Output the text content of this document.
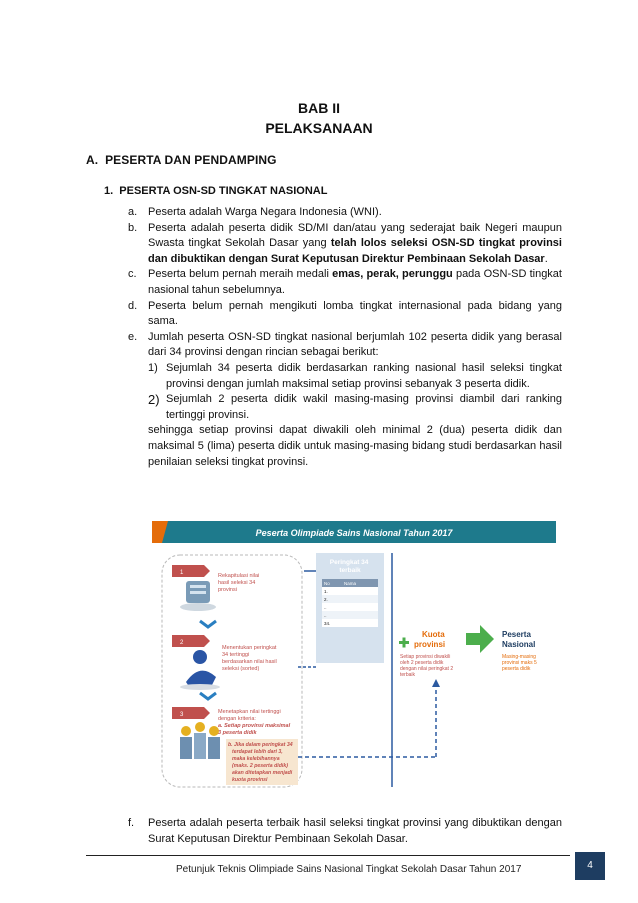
BAB II
PELAKSANAAN
A.  PESERTA DAN PENDAMPING
1.  PESERTA OSN-SD TINGKAT NASIONAL
a. Peserta adalah Warga Negara Indonesia (WNI).
b. Peserta adalah peserta didik SD/MI dan/atau yang sederajat baik Negeri maupun Swasta tingkat Sekolah Dasar yang telah lolos seleksi OSN-SD tingkat provinsi dan dibuktikan dengan Surat Keputusan Direktur Pembinaan Sekolah Dasar.
c.	Peserta belum pernah meraih medali emas, perak, perunggu pada OSN-SD tingkat nasional tahun sebelumnya.
d. Peserta belum pernah mengikuti lomba tingkat internasional pada bidang yang sama.
e. Jumlah peserta OSN-SD tingkat nasional berjumlah 102 peserta didik yang berasal dari 34 provinsi dengan rincian sebagai berikut:
1) Sejumlah 34 peserta didik berdasarkan ranking nasional hasil seleksi tingkat provinsi dengan jumlah maksimal setiap provinsi sebanyak 3 peserta didik.
2) Sejumlah 2 peserta didik wakil masing-masing provinsi diambil dari ranking tertinggi provinsi.
sehingga setiap provinsi dapat diwakili oleh minimal 2 (dua) peserta didik dan maksimal 5 (lima) peserta didik untuk masing-masing bidang studi berdasarkan hasil penilaian seleksi tingkat provinsi.
Peserta Olimpiade Sains Nasional Tahun 2017
1	Rekapitulasi nilai hasil seleksi 34 provinsi
2
Menentukan peringkat 34 tertinggi berdasarkan nilai hasil seleksi (sorted)
3	Menetapkan nilai tertinggi dengan kriteria: a. Setiap provinsi maksimal 3 peserta didik
b. Jika dalam peringkat 34 terdapat lebih dari 3, maka kelebihannya (maks. 2 peserta didik) akan ditetapkan menjadi kuota provinsi
Peringkat 34 terbaik
No	Nama
1.
2.
..
..
34.
Kuota provinsi
Setiap provinsi diwakili oleh 2 peserta didik dengan nilai peringkat 2 terbaik
Peserta Nasional
Masing-masing provinsi maks 5 peserta didik
f.	Peserta adalah peserta terbaik hasil seleksi tingkat provinsi yang dibuktikan dengan Surat Keputusan Direktur Pembinaan Sekolah Dasar.
Petunjuk Teknis Olimpiade Sains Nasional Tingkat Sekolah Dasar Tahun 2017	4
